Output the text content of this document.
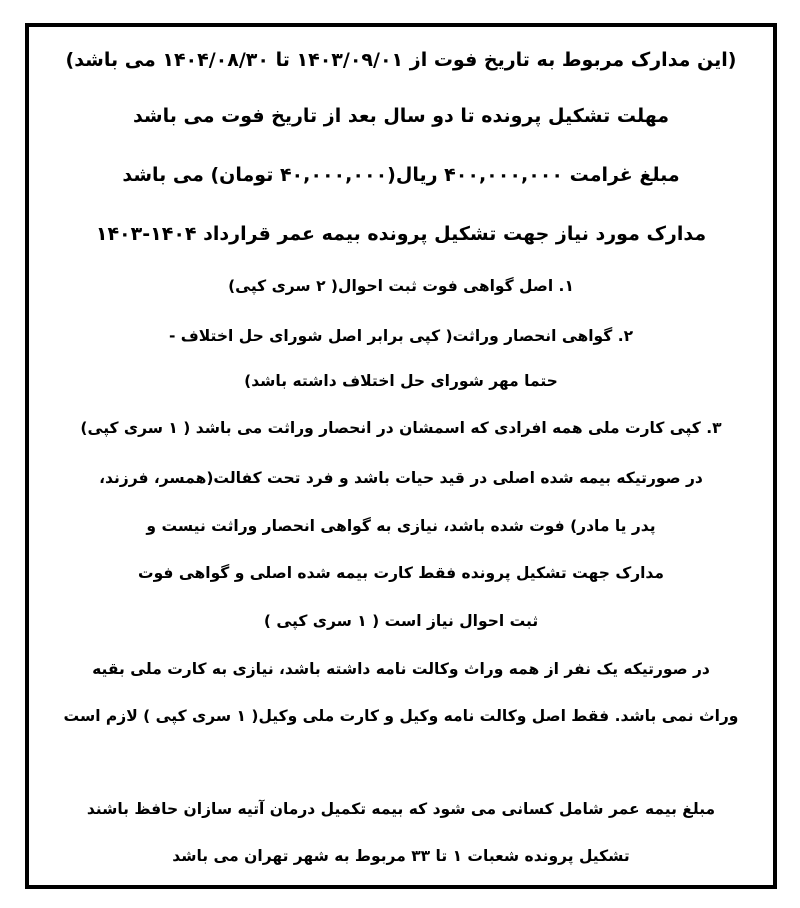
(این مدارک مربوط به تاریخ فوت از ۱۴۰۳/۰۹/۰۱ تا ۱۴۰۴/۰۸/۳۰ می باشد)
مهلت تشکیل پرونده تا دو سال بعد از تاریخ فوت می باشد
مبلغ غرامت ۴۰۰,۰۰۰,۰۰۰ ریال(۴۰,۰۰۰,۰۰۰ تومان) می باشد
مدارک مورد نیاز جهت تشکیل پرونده بیمه عمر قرارداد ۱۴۰۴-۱۴۰۳
۱. اصل گواهی فوت ثبت احوال( ۲ سری کپی)
۲. گواهی انحصار وراثت( کپی برابر اصل شورای حل اختلاف -
حتما مهر شورای حل اختلاف داشته باشد)
۳. کپی کارت ملی همه افرادی که اسمشان در انحصار وراثت می باشد ( ۱ سری کپی)
در صورتیکه بیمه شده اصلی در قید حیات باشد و فرد تحت کفالت(همسر، فرزند،
پدر یا مادر) فوت شده باشد، نیازی به گواهی انحصار وراثت نیست و
مدارک جهت تشکیل پرونده فقط کارت بیمه شده اصلی و گواهی فوت
ثبت احوال نیاز است ( ۱ سری کپی )
در صورتیکه یک نفر از همه وراث وکالت نامه داشته باشد، نیازی به کارت ملی بقیه
وراث نمی باشد. فقط اصل وکالت نامه وکیل و کارت ملی وکیل( ۱ سری کپی ) لازم است
مبلغ بیمه عمر شامل کسانی می شود که بیمه تکمیل درمان آتیه سازان حافظ باشند
تشکیل پرونده شعبات ۱ تا ۳۳ مربوط به شهر تهران می باشد
